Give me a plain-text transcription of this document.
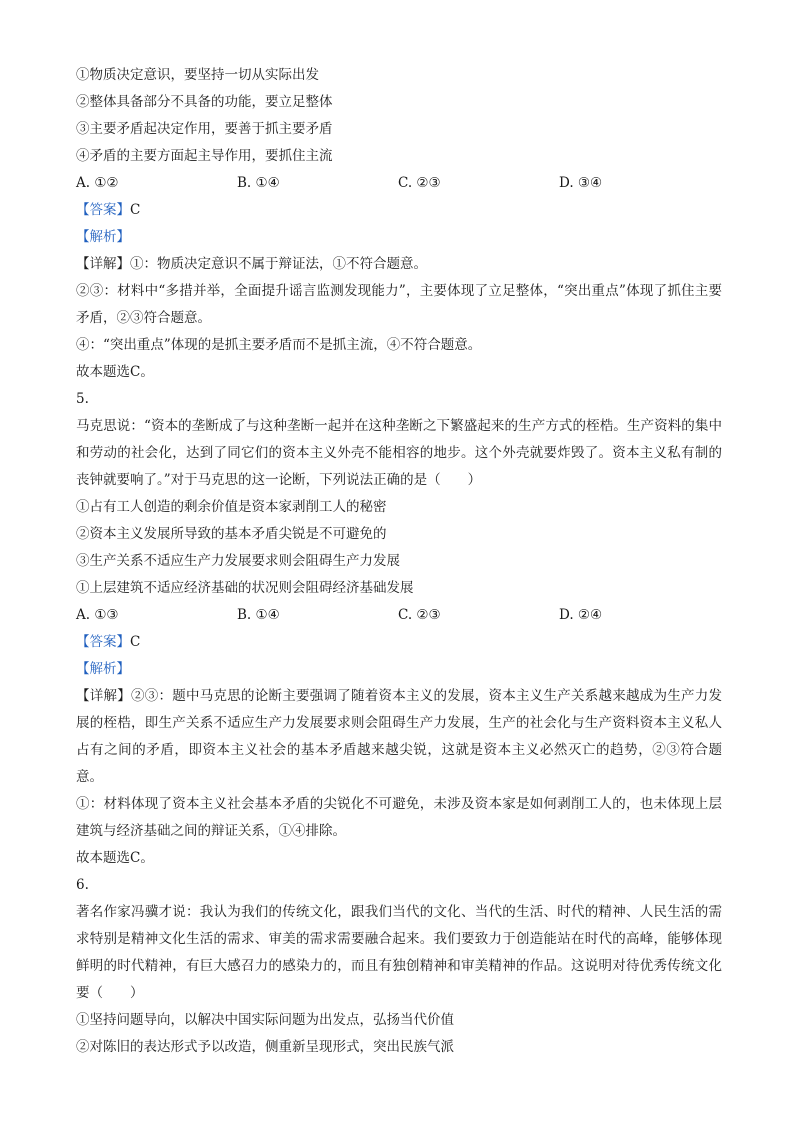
①物质决定意识，要坚持一切从实际出发
②整体具备部分不具备的功能，要立足整体
③主要矛盾起决定作用，要善于抓主要矛盾
④矛盾的主要方面起主导作用，要抓住主流
A. ①②	B. ①④	C. ②③	D. ③④
【答案】C
【解析】
【详解】①：物质决定意识不属于辩证法，①不符合题意。
②③：材料中“多措并举，全面提升谣言监测发现能力”，主要体现了立足整体，“突出重点”体现了抓住主要矛盾，②③符合题意。
④：“突出重点”体现的是抓主要矛盾而不是抓主流，④不符合题意。
故本题选C。
5.
马克思说：“资本的垄断成了与这种垄断一起并在这种垄断之下繁盛起来的生产方式的桎梏。生产资料的集中和劳动的社会化，达到了同它们的资本主义外壳不能相容的地步。这个外壳就要炸毁了。资本主义私有制的丧钟就要响了。”对于马克思的这一论断，下列说法正确的是（　　）
①占有工人创造的剩余价值是资本家剥削工人的秘密
②资本主义发展所导致的基本矛盾尖锐是不可避免的
③生产关系不适应生产力发展要求则会阻碍生产力发展
①上层建筑不适应经济基础的状况则会阻碍经济基础发展
A. ①③	B. ①④	C. ②③	D. ②④
【答案】C
【解析】
【详解】②③：题中马克思的论断主要强调了随着资本主义的发展，资本主义生产关系越来越成为生产力发展的桎梏，即生产关系不适应生产力发展要求则会阻碍生产力发展，生产的社会化与生产资料资本主义私人占有之间的矛盾，即资本主义社会的基本矛盾越来越尖锐，这就是资本主义必然灭亡的趋势，②③符合题意。
①：材料体现了资本主义社会基本矛盾的尖锐化不可避免，未涉及资本家是如何剥削工人的，也未体现上层建筑与经济基础之间的辩证关系，①④排除。
故本题选C。
6.
著名作家冯骥才说：我认为我们的传统文化，跟我们当代的文化、当代的生活、时代的精神、人民生活的需求特别是精神文化生活的需求、审美的需求需要融合起来。我们要致力于创造能站在时代的高峰，能够体现鲜明的时代精神，有巨大感召力的感染力的，而且有独创精神和审美精神的作品。这说明对待优秀传统文化要（　　）
①坚持问题导向，以解决中国实际问题为出发点，弘扬当代价值
②对陈旧的表达形式予以改造，侧重新呈现形式，突出民族气派
